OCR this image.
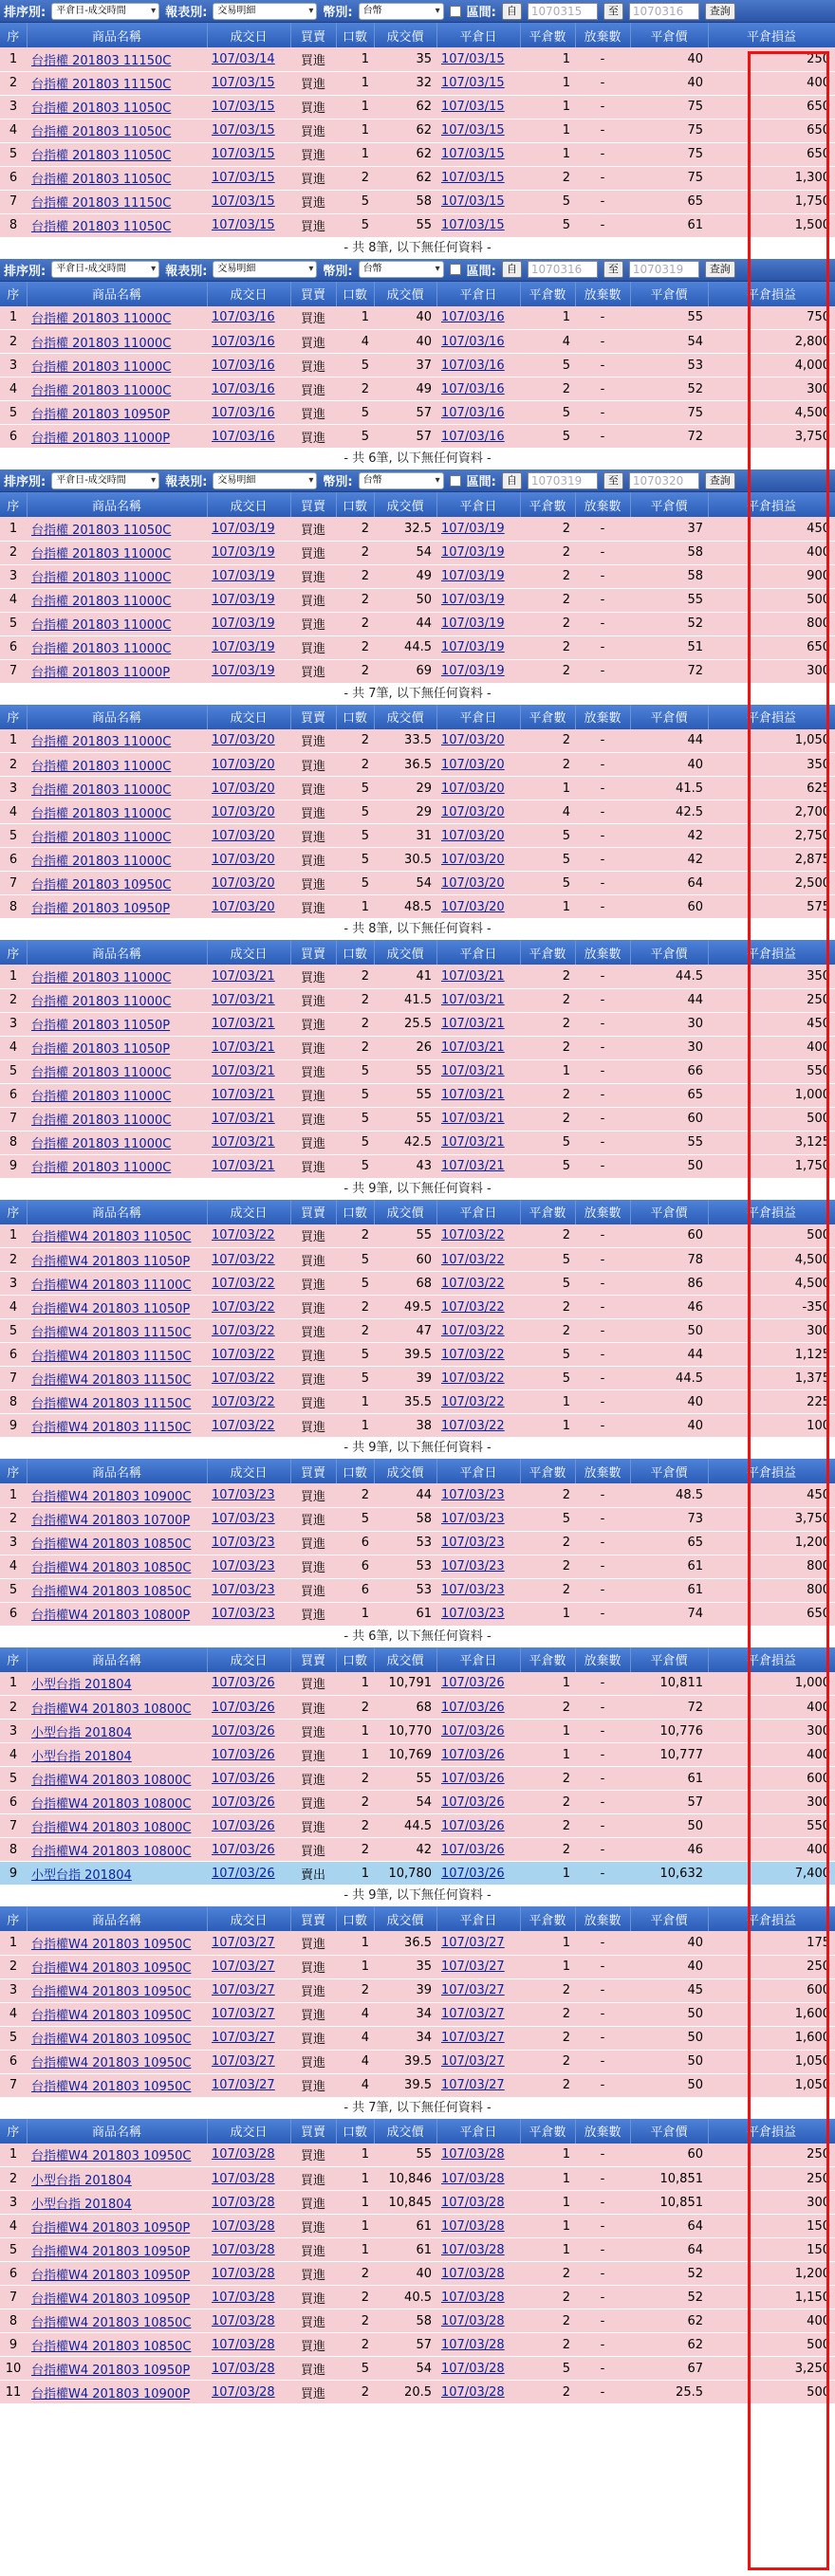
排序別:	平倉日-成交時間 ▾	報表別:	交易明細 ▾	幣別:	台幣 ▾	區間:	自	1070315	至	1070316	查詢
序	商品名稱	成交日	買賣	口數	成交價	平倉日	平倉數	放棄數	平倉價	平倉損益
1	台指權 201803 11150C	107/03/14	買進	1	35	107/03/15	1	-	40	250
2	台指權 201803 11150C	107/03/15	買進	1	32	107/03/15	1	-	40	400
3	台指權 201803 11050C	107/03/15	買進	1	62	107/03/15	1	-	75	650
4	台指權 201803 11050C	107/03/15	買進	1	62	107/03/15	1	-	75	650
5	台指權 201803 11050C	107/03/15	買進	1	62	107/03/15	1	-	75	650
6	台指權 201803 11050C	107/03/15	買進	2	62	107/03/15	2	-	75	1,300
7	台指權 201803 11150C	107/03/15	買進	5	58	107/03/15	5	-	65	1,750
8	台指權 201803 11050C	107/03/15	買進	5	55	107/03/15	5	-	61	1,500
- 共 8筆, 以下無任何資料 -
排序別:	平倉日-成交時間 ▾	報表別:	交易明細 ▾	幣別:	台幣 ▾	區間:	自	1070316	至	1070319	查詢
序	商品名稱	成交日	買賣	口數	成交價	平倉日	平倉數	放棄數	平倉價	平倉損益
1	台指權 201803 11000C	107/03/16	買進	1	40	107/03/16	1	-	55	750
2	台指權 201803 11000C	107/03/16	買進	4	40	107/03/16	4	-	54	2,800
3	台指權 201803 11000C	107/03/16	買進	5	37	107/03/16	5	-	53	4,000
4	台指權 201803 11000C	107/03/16	買進	2	49	107/03/16	2	-	52	300
5	台指權 201803 10950P	107/03/16	買進	5	57	107/03/16	5	-	75	4,500
6	台指權 201803 11000P	107/03/16	買進	5	57	107/03/16	5	-	72	3,750
- 共 6筆, 以下無任何資料 -
排序別:	平倉日-成交時間 ▾	報表別:	交易明細 ▾	幣別:	台幣 ▾	區間:	自	1070319	至	1070320	查詢
序	商品名稱	成交日	買賣	口數	成交價	平倉日	平倉數	放棄數	平倉價	平倉損益
1	台指權 201803 11050C	107/03/19	買進	2	32.5	107/03/19	2	-	37	450
2	台指權 201803 11000C	107/03/19	買進	2	54	107/03/19	2	-	58	400
3	台指權 201803 11000C	107/03/19	買進	2	49	107/03/19	2	-	58	900
4	台指權 201803 11000C	107/03/19	買進	2	50	107/03/19	2	-	55	500
5	台指權 201803 11000C	107/03/19	買進	2	44	107/03/19	2	-	52	800
6	台指權 201803 11000C	107/03/19	買進	2	44.5	107/03/19	2	-	51	650
7	台指權 201803 11000P	107/03/19	買進	2	69	107/03/19	2	-	72	300
- 共 7筆, 以下無任何資料 -
序	商品名稱	成交日	買賣	口數	成交價	平倉日	平倉數	放棄數	平倉價	平倉損益
1	台指權 201803 11000C	107/03/20	買進	2	33.5	107/03/20	2	-	44	1,050
2	台指權 201803 11000C	107/03/20	買進	2	36.5	107/03/20	2	-	40	350
3	台指權 201803 11000C	107/03/20	買進	5	29	107/03/20	1	-	41.5	625
4	台指權 201803 11000C	107/03/20	買進	5	29	107/03/20	4	-	42.5	2,700
5	台指權 201803 11000C	107/03/20	買進	5	31	107/03/20	5	-	42	2,750
6	台指權 201803 11000C	107/03/20	買進	5	30.5	107/03/20	5	-	42	2,875
7	台指權 201803 10950C	107/03/20	買進	5	54	107/03/20	5	-	64	2,500
8	台指權 201803 10950P	107/03/20	買進	1	48.5	107/03/20	1	-	60	575
- 共 8筆, 以下無任何資料 -
序	商品名稱	成交日	買賣	口數	成交價	平倉日	平倉數	放棄數	平倉價	平倉損益
1	台指權 201803 11000C	107/03/21	買進	2	41	107/03/21	2	-	44.5	350
2	台指權 201803 11000C	107/03/21	買進	2	41.5	107/03/21	2	-	44	250
3	台指權 201803 11050P	107/03/21	買進	2	25.5	107/03/21	2	-	30	450
4	台指權 201803 11050P	107/03/21	買進	2	26	107/03/21	2	-	30	400
5	台指權 201803 11000C	107/03/21	買進	5	55	107/03/21	1	-	66	550
6	台指權 201803 11000C	107/03/21	買進	5	55	107/03/21	2	-	65	1,000
7	台指權 201803 11000C	107/03/21	買進	5	55	107/03/21	2	-	60	500
8	台指權 201803 11000C	107/03/21	買進	5	42.5	107/03/21	5	-	55	3,125
9	台指權 201803 11000C	107/03/21	買進	5	43	107/03/21	5	-	50	1,750
- 共 9筆, 以下無任何資料 -
序	商品名稱	成交日	買賣	口數	成交價	平倉日	平倉數	放棄數	平倉價	平倉損益
1	台指權W4 201803 11050C	107/03/22	買進	2	55	107/03/22	2	-	60	500
2	台指權W4 201803 11050P	107/03/22	買進	5	60	107/03/22	5	-	78	4,500
3	台指權W4 201803 11100C	107/03/22	買進	5	68	107/03/22	5	-	86	4,500
4	台指權W4 201803 11050P	107/03/22	買進	2	49.5	107/03/22	2	-	46	-350
5	台指權W4 201803 11150C	107/03/22	買進	2	47	107/03/22	2	-	50	300
6	台指權W4 201803 11150C	107/03/22	買進	5	39.5	107/03/22	5	-	44	1,125
7	台指權W4 201803 11150C	107/03/22	買進	5	39	107/03/22	5	-	44.5	1,375
8	台指權W4 201803 11150C	107/03/22	買進	1	35.5	107/03/22	1	-	40	225
9	台指權W4 201803 11150C	107/03/22	買進	1	38	107/03/22	1	-	40	100
- 共 9筆, 以下無任何資料 -
序	商品名稱	成交日	買賣	口數	成交價	平倉日	平倉數	放棄數	平倉價	平倉損益
1	台指權W4 201803 10900C	107/03/23	買進	2	44	107/03/23	2	-	48.5	450
2	台指權W4 201803 10700P	107/03/23	買進	5	58	107/03/23	5	-	73	3,750
3	台指權W4 201803 10850C	107/03/23	買進	6	53	107/03/23	2	-	65	1,200
4	台指權W4 201803 10850C	107/03/23	買進	6	53	107/03/23	2	-	61	800
5	台指權W4 201803 10850C	107/03/23	買進	6	53	107/03/23	2	-	61	800
6	台指權W4 201803 10800P	107/03/23	買進	1	61	107/03/23	1	-	74	650
- 共 6筆, 以下無任何資料 -
序	商品名稱	成交日	買賣	口數	成交價	平倉日	平倉數	放棄數	平倉價	平倉損益
1	小型台指 201804	107/03/26	買進	1	10,791	107/03/26	1	-	10,811	1,000
2	台指權W4 201803 10800C	107/03/26	買進	2	68	107/03/26	2	-	72	400
3	小型台指 201804	107/03/26	買進	1	10,770	107/03/26	1	-	10,776	300
4	小型台指 201804	107/03/26	買進	1	10,769	107/03/26	1	-	10,777	400
5	台指權W4 201803 10800C	107/03/26	買進	2	55	107/03/26	2	-	61	600
6	台指權W4 201803 10800C	107/03/26	買進	2	54	107/03/26	2	-	57	300
7	台指權W4 201803 10800C	107/03/26	買進	2	44.5	107/03/26	2	-	50	550
8	台指權W4 201803 10800C	107/03/26	買進	2	42	107/03/26	2	-	46	400
9	小型台指 201804	107/03/26	賣出	1	10,780	107/03/26	1	-	10,632	7,400
- 共 9筆, 以下無任何資料 -
序	商品名稱	成交日	買賣	口數	成交價	平倉日	平倉數	放棄數	平倉價	平倉損益
1	台指權W4 201803 10950C	107/03/27	買進	1	36.5	107/03/27	1	-	40	175
2	台指權W4 201803 10950C	107/03/27	買進	1	35	107/03/27	1	-	40	250
3	台指權W4 201803 10950C	107/03/27	買進	2	39	107/03/27	2	-	45	600
4	台指權W4 201803 10950C	107/03/27	買進	4	34	107/03/27	2	-	50	1,600
5	台指權W4 201803 10950C	107/03/27	買進	4	34	107/03/27	2	-	50	1,600
6	台指權W4 201803 10950C	107/03/27	買進	4	39.5	107/03/27	2	-	50	1,050
7	台指權W4 201803 10950C	107/03/27	買進	4	39.5	107/03/27	2	-	50	1,050
- 共 7筆, 以下無任何資料 -
序	商品名稱	成交日	買賣	口數	成交價	平倉日	平倉數	放棄數	平倉價	平倉損益
1	台指權W4 201803 10950C	107/03/28	買進	1	55	107/03/28	1	-	60	250
2	小型台指 201804	107/03/28	買進	1	10,846	107/03/28	1	-	10,851	250
3	小型台指 201804	107/03/28	買進	1	10,845	107/03/28	1	-	10,851	300
4	台指權W4 201803 10950P	107/03/28	買進	1	61	107/03/28	1	-	64	150
5	台指權W4 201803 10950P	107/03/28	買進	1	61	107/03/28	1	-	64	150
6	台指權W4 201803 10950P	107/03/28	買進	2	40	107/03/28	2	-	52	1,200
7	台指權W4 201803 10950P	107/03/28	買進	2	40.5	107/03/28	2	-	52	1,150
8	台指權W4 201803 10850C	107/03/28	買進	2	58	107/03/28	2	-	62	400
9	台指權W4 201803 10850C	107/03/28	買進	2	57	107/03/28	2	-	62	500
10	台指權W4 201803 10950P	107/03/28	買進	5	54	107/03/28	5	-	67	3,250
11	台指權W4 201803 10900P	107/03/28	買進	2	20.5	107/03/28	2	-	25.5	500
